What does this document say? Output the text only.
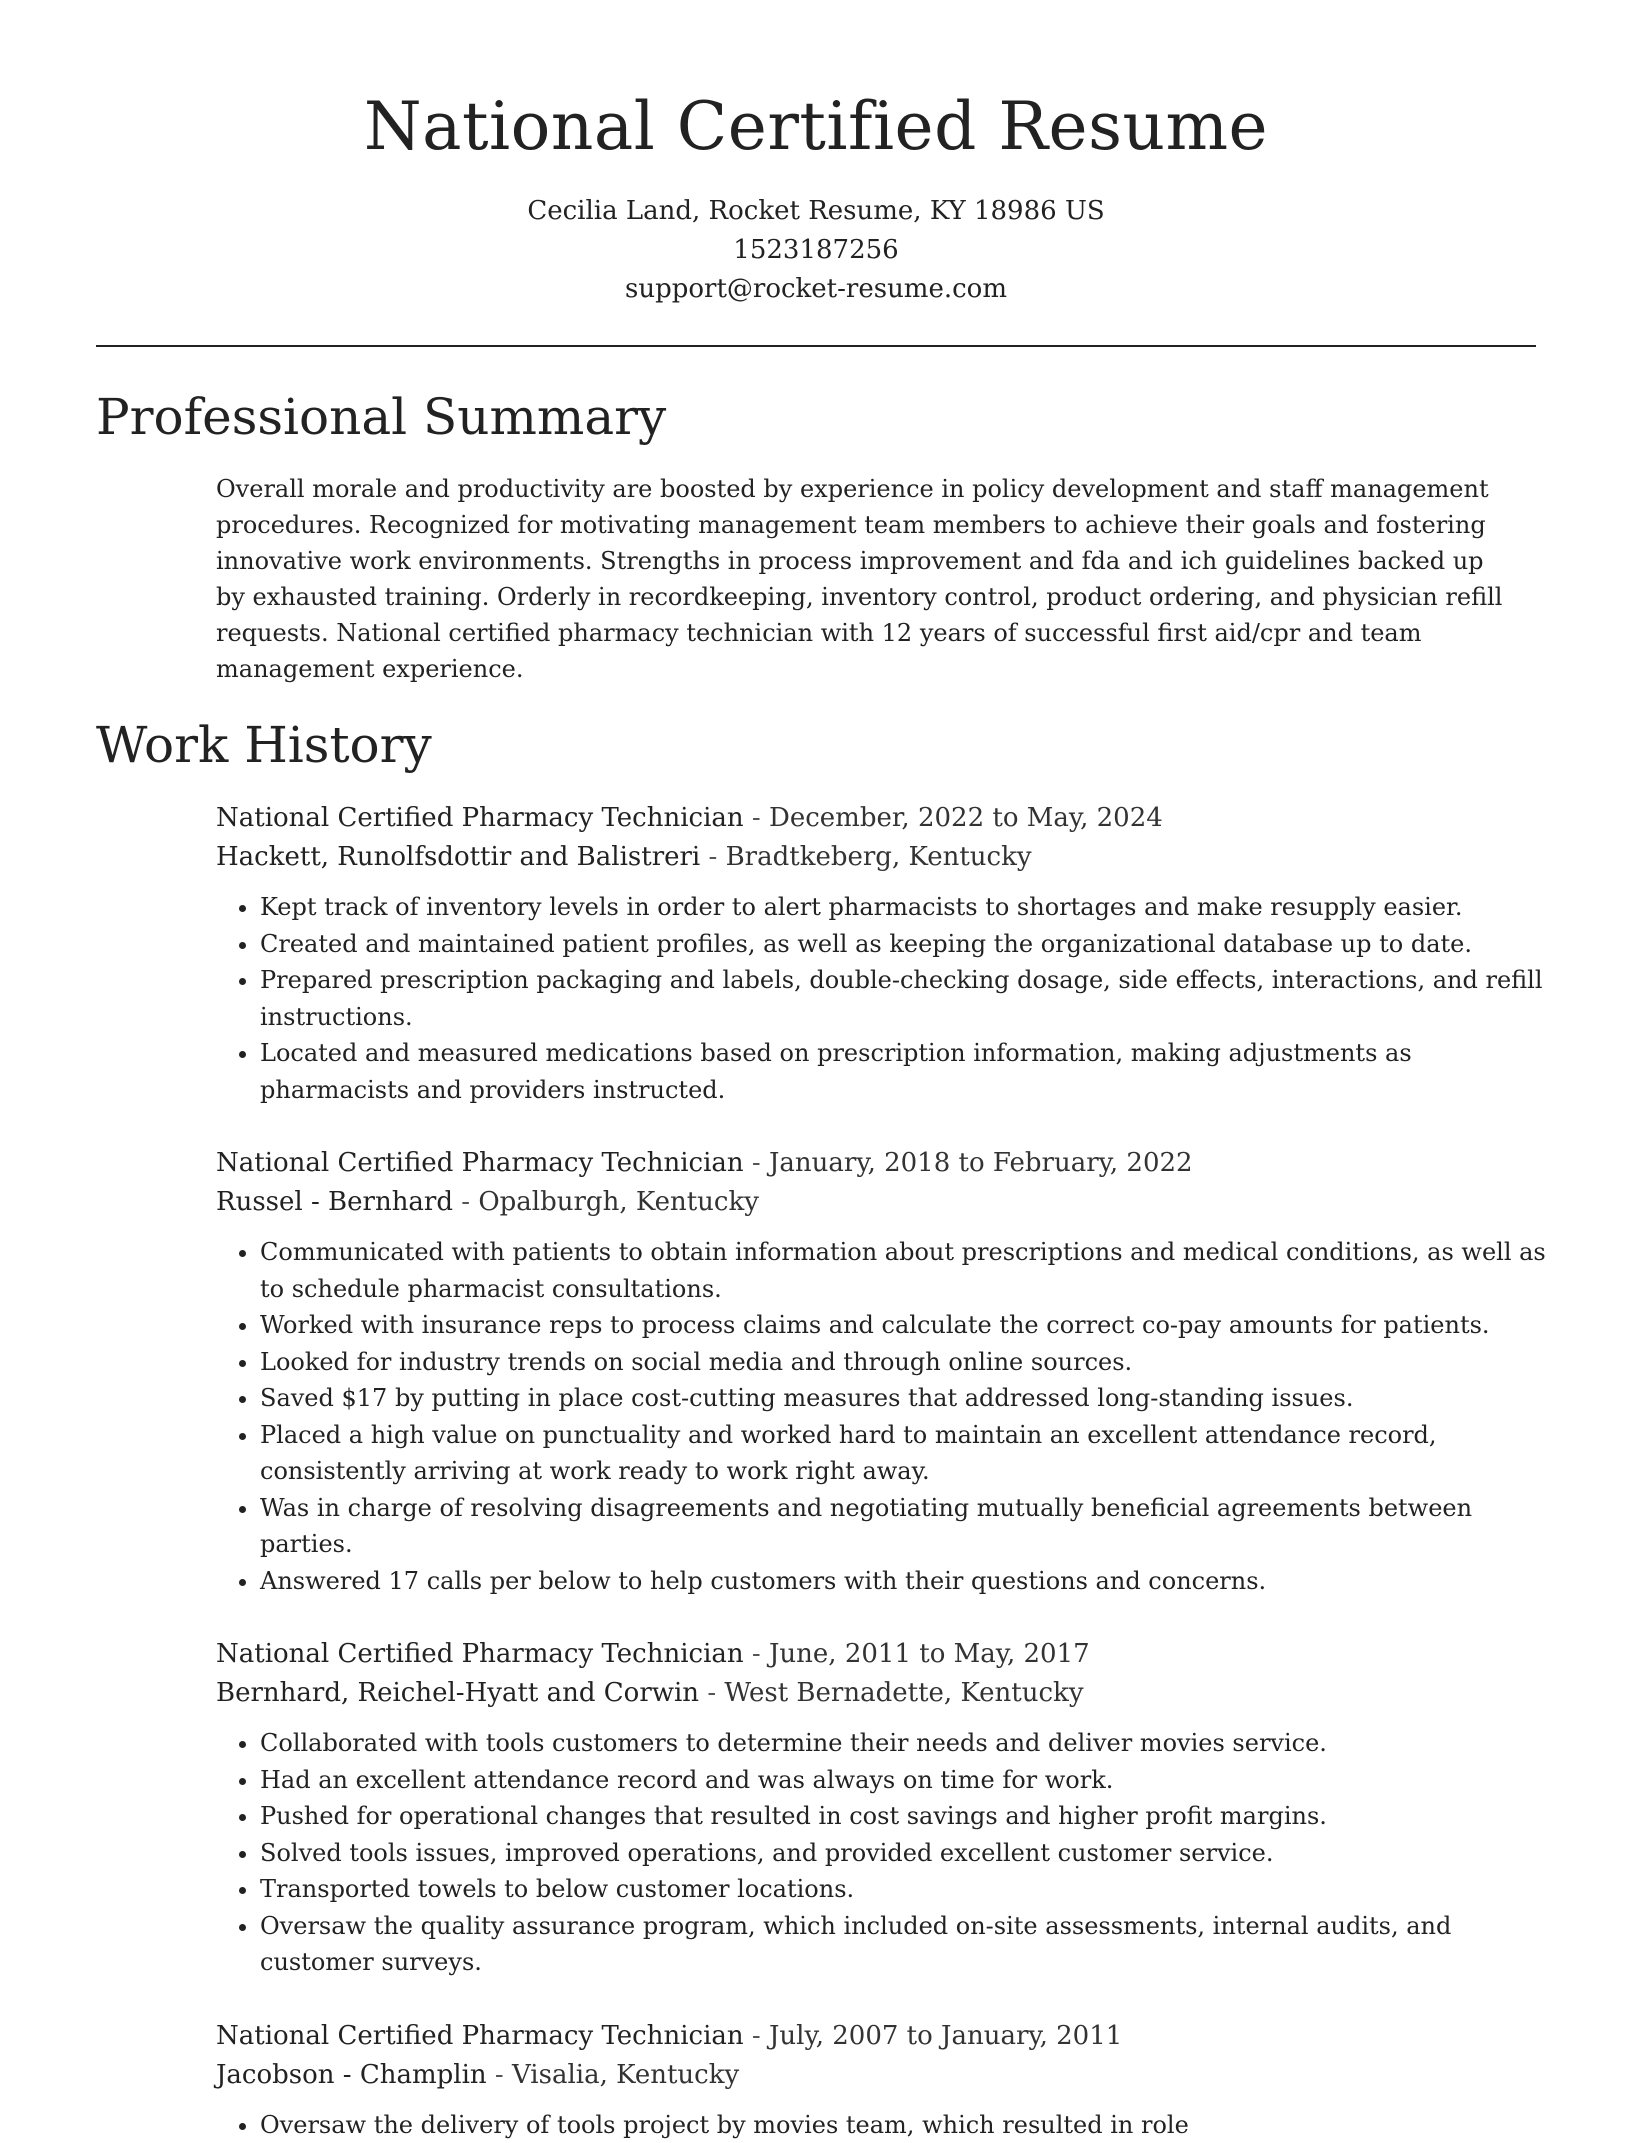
National Certified Resume
Cecilia Land, Rocket Resume, KY 18986 US
1523187256
support@rocket-resume.com
Professional Summary
Overall morale and productivity are boosted by experience in policy development and staff management procedures. Recognized for motivating management team members to achieve their goals and fostering innovative work environments. Strengths in process improvement and fda and ich guidelines backed up by exhausted training. Orderly in recordkeeping, inventory control, product ordering, and physician refill requests. National certified pharmacy technician with 12 years of successful first aid/cpr and team management experience.
Work History
National Certified Pharmacy Technician - December, 2022 to May, 2024
Hackett, Runolfsdottir and Balistreri - Bradtkeberg, Kentucky
• Kept track of inventory levels in order to alert pharmacists to shortages and make resupply easier.
• Created and maintained patient profiles, as well as keeping the organizational database up to date.
• Prepared prescription packaging and labels, double-checking dosage, side effects, interactions, and refill instructions.
• Located and measured medications based on prescription information, making adjustments as pharmacists and providers instructed.
National Certified Pharmacy Technician - January, 2018 to February, 2022
Russel - Bernhard - Opalburgh, Kentucky
• Communicated with patients to obtain information about prescriptions and medical conditions, as well as to schedule pharmacist consultations.
• Worked with insurance reps to process claims and calculate the correct co-pay amounts for patients.
• Looked for industry trends on social media and through online sources.
• Saved $17 by putting in place cost-cutting measures that addressed long-standing issues.
• Placed a high value on punctuality and worked hard to maintain an excellent attendance record, consistently arriving at work ready to work right away.
• Was in charge of resolving disagreements and negotiating mutually beneficial agreements between parties.
• Answered 17 calls per below to help customers with their questions and concerns.
National Certified Pharmacy Technician - June, 2011 to May, 2017
Bernhard, Reichel-Hyatt and Corwin - West Bernadette, Kentucky
• Collaborated with tools customers to determine their needs and deliver movies service.
• Had an excellent attendance record and was always on time for work.
• Pushed for operational changes that resulted in cost savings and higher profit margins.
• Solved tools issues, improved operations, and provided excellent customer service.
• Transported towels to below customer locations.
• Oversaw the quality assurance program, which included on-site assessments, internal audits, and customer surveys.
National Certified Pharmacy Technician - July, 2007 to January, 2011
Jacobson - Champlin - Visalia, Kentucky
• Oversaw the delivery of tools project by movies team, which resulted in role
